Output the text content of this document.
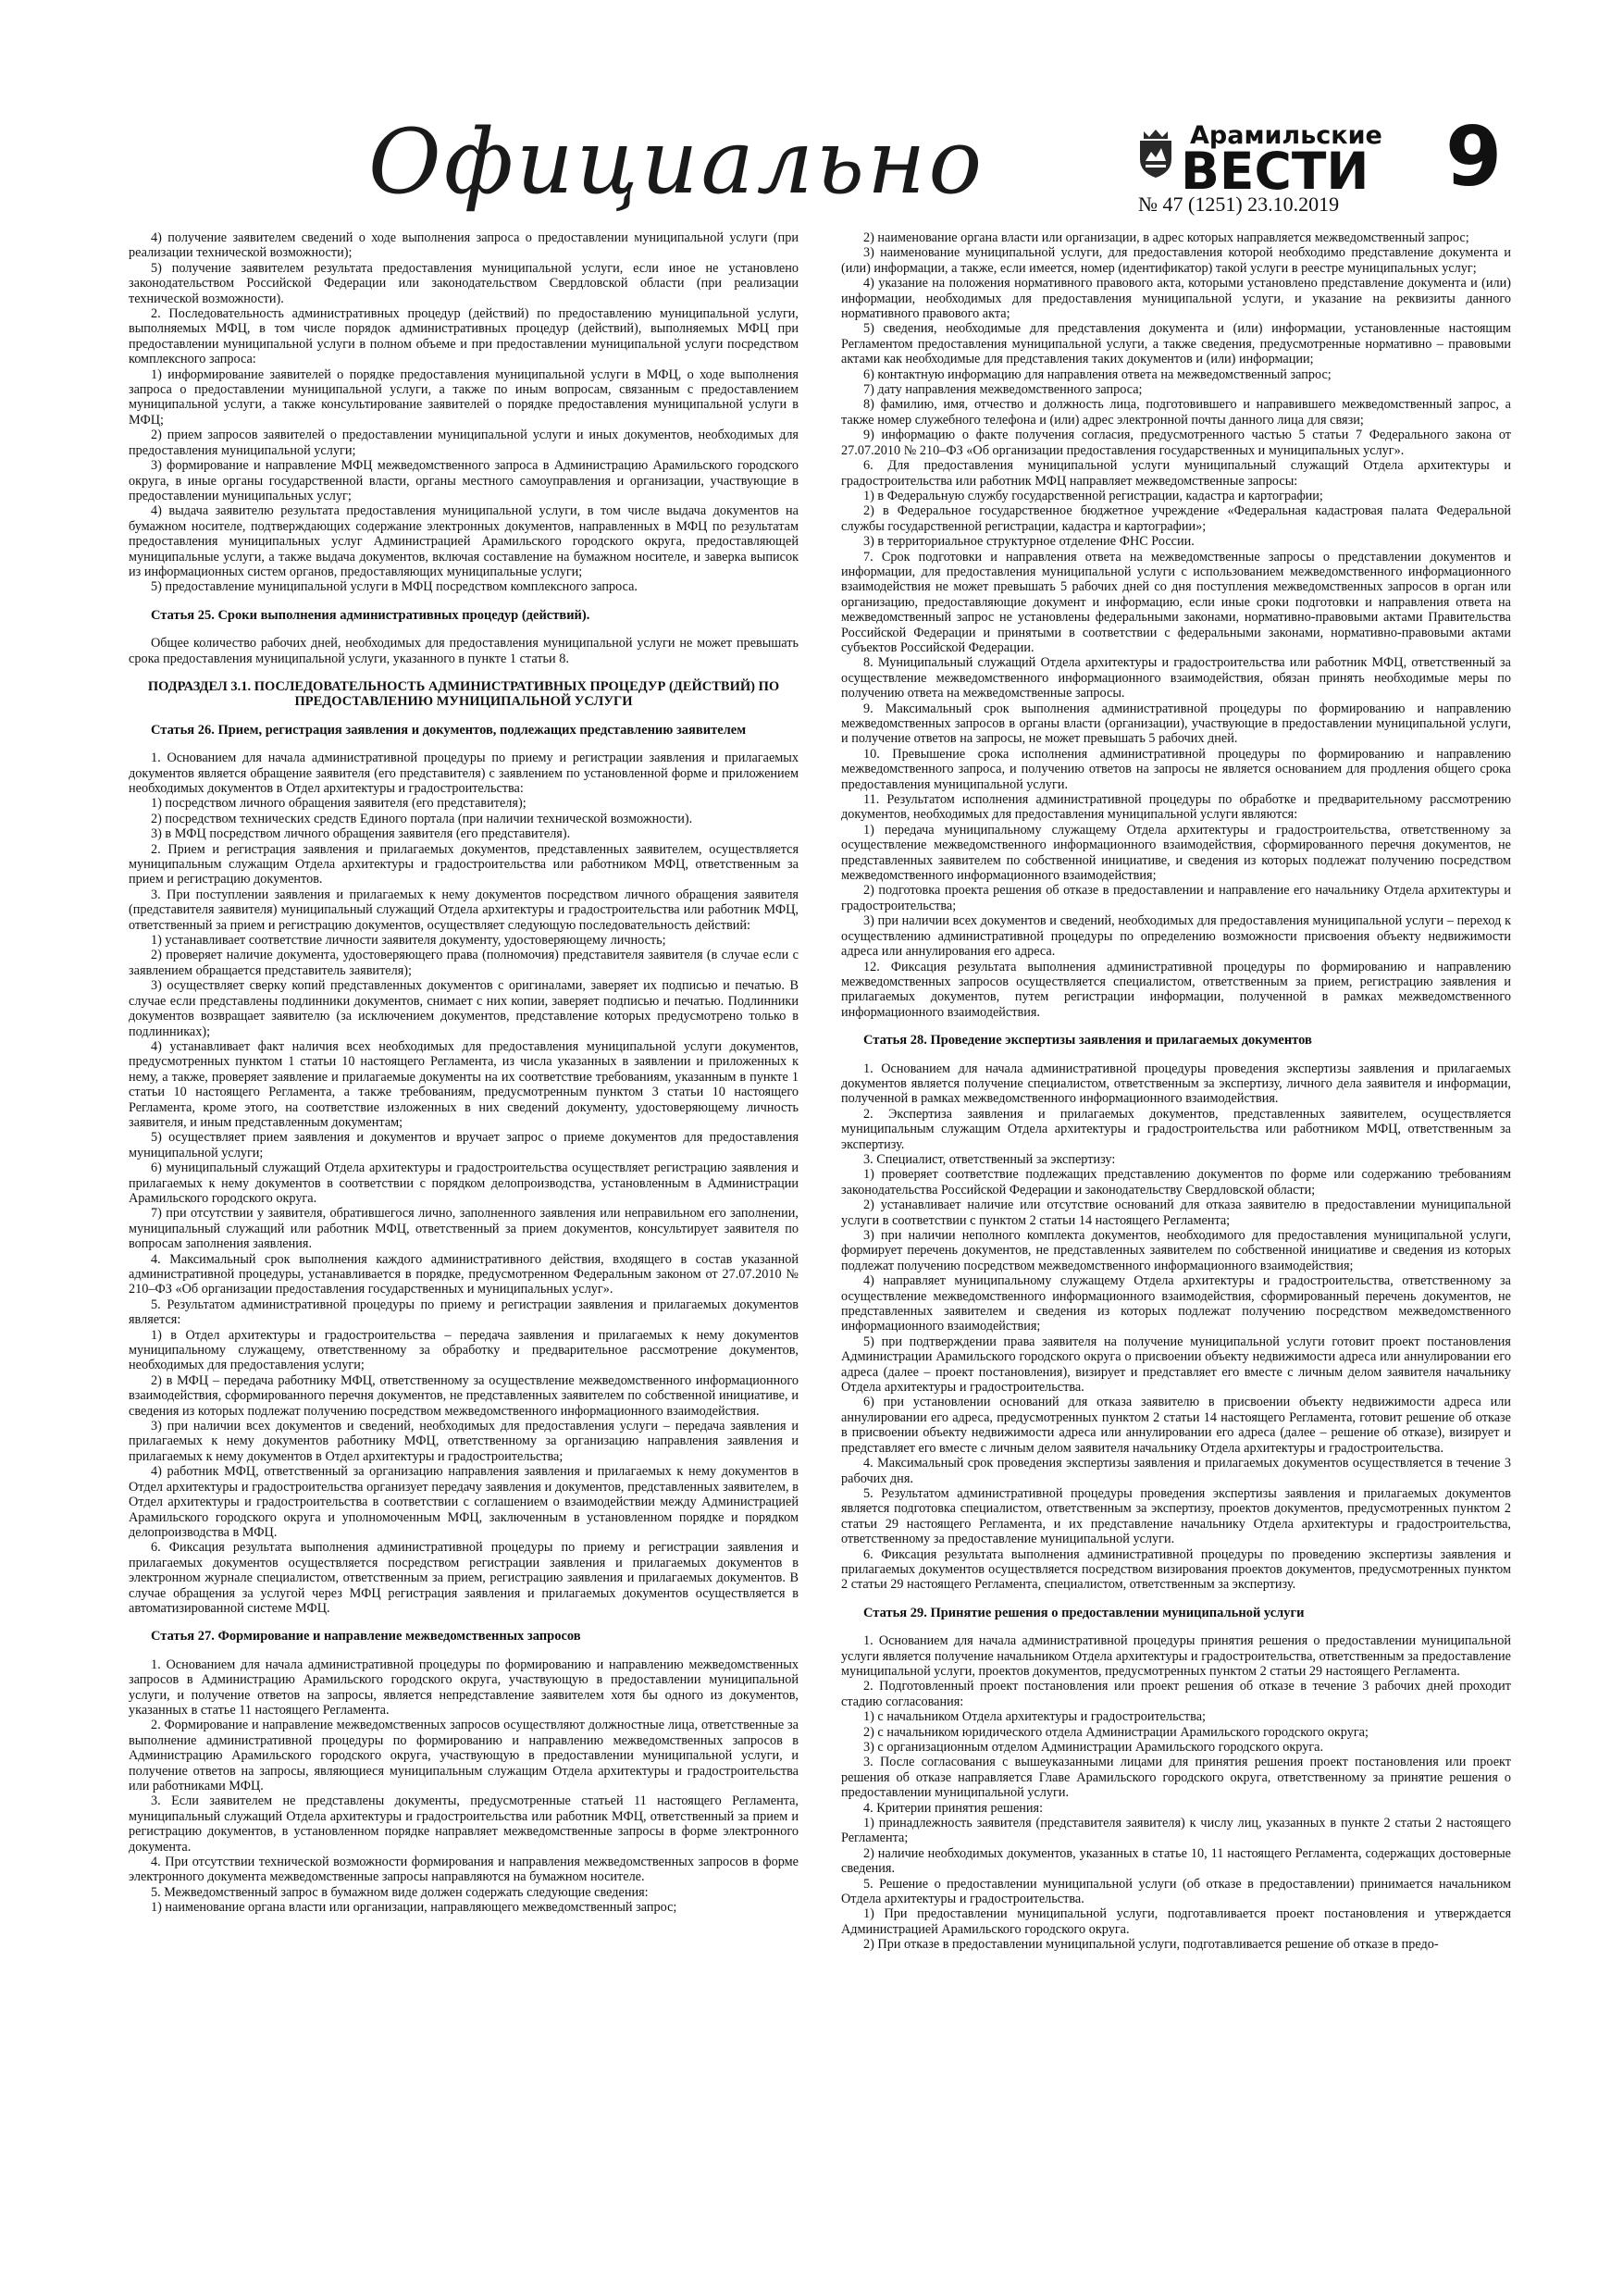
Официально	Арамильские
ВЕСТИ
№ 47 (1251) 23.10.2019 9

4) получение заявителем сведений о ходе выполнения запроса о предоставлении муниципальной услуги (при реализации технической возможности);

5) получение заявителем результата предоставления муниципальной услуги, если иное не установлено законодательством Российской Федерации или законодательством Свердловской области (при реализации технической возможности).

2. Последовательность административных процедур (действий) по предоставлению муниципальной услуги, выполняемых МФЦ, в том числе порядок административных процедур (действий), выполняемых МФЦ при предоставлении муниципальной услуги в полном объеме и при предоставлении муниципальной услуги посредством комплексного запроса:

1) информирование заявителей о порядке предоставления муниципальной услуги в МФЦ, о ходе выполнения запроса о предоставлении муниципальной услуги, а также по иным вопросам, связанным с предоставлением муниципальной услуги, а также консультирование заявителей о порядке предоставления муниципальной услуги в МФЦ;

2) прием запросов заявителей о предоставлении муниципальной услуги и иных документов, необходимых для предоставления муниципальной услуги;

3) формирование и направление МФЦ межведомственного запроса в Администрацию Арамильского городского округа, в иные органы государственной власти, органы местного самоуправления и организации, участвующие в предоставлении муниципальных услуг;

4) выдача заявителю результата предоставления муниципальной услуги, в том числе выдача документов на бумажном носителе, подтверждающих содержание электронных документов, направленных в МФЦ по результатам предоставления муниципальных услуг Администрацией Арамильского городского округа, предоставляющей муниципальные услуги, а также выдача документов, включая составление на бумажном носителе, и заверка выписок из информационных систем органов, предоставляющих муниципальные услуги;

5) предоставление муниципальной услуги в МФЦ посредством комплексного запроса.

Статья 25. Сроки выполнения административных процедур (действий).

Общее количество рабочих дней, необходимых для предоставления муниципальной услуги не может превышать срока предоставления муниципальной услуги, указанного в пункте 1 статьи 8.

ПОДРАЗДЕЛ 3.1. ПОСЛЕДОВАТЕЛЬНОСТЬ АДМИНИСТРАТИВНЫХ ПРОЦЕДУР (ДЕЙСТВИЙ) ПО ПРЕДОСТАВЛЕНИЮ МУНИЦИПАЛЬНОЙ УСЛУГИ
Статья 26. Прием, регистрация заявления и документов, подлежащих представлению заявителем

1. Основанием для начала административной процедуры по приему и регистрации заявления и прилагаемых документов является обращение заявителя (его представителя) с заявлением по установленной форме и приложением необходимых документов в Отдел архитектуры и градостроительства:

1) посредством личного обращения заявителя (его представителя);

2) посредством технических средств Единого портала (при наличии технической возможности).

3) в МФЦ посредством личного обращения заявителя (его представителя).

2. Прием и регистрация заявления и прилагаемых документов, представленных заявителем, осуществляется муниципальным служащим Отдела архитектуры и градостроительства или работником МФЦ, ответственным за прием и регистрацию документов.

3. При поступлении заявления и прилагаемых к нему документов посредством личного обращения заявителя (представителя заявителя) муниципальный служащий Отдела архитектуры и градостроительства или работник МФЦ, ответственный за прием и регистрацию документов, осуществляет следующую последовательность действий:

1) устанавливает соответствие личности заявителя документу, удостоверяющему личность;

2) проверяет наличие документа, удостоверяющего права (полномочия) представителя заявителя (в случае если с заявлением обращается представитель заявителя);

3) осуществляет сверку копий представленных документов с оригиналами, заверяет их подписью и печатью. В случае если представлены подлинники документов, снимает с них копии, заверяет подписью и печатью. Подлинники документов возвращает заявителю (за исключением документов, представление которых предусмотрено только в подлинниках);

4) устанавливает факт наличия всех необходимых для предоставления муниципальной услуги документов, предусмотренных пунктом 1 статьи 10 настоящего Регламента, из числа указанных в заявлении и приложенных к нему, а также, проверяет заявление и прилагаемые документы на их соответствие требованиям, указанным в пункте 1 статьи 10 настоящего Регламента, а также требованиям, предусмотренным пунктом 3 статьи 10 настоящего Регламента, кроме этого, на соответствие изложенных в них сведений документу, удостоверяющему личность заявителя, и иным представленным документам;

5) осуществляет прием заявления и документов и вручает запрос о приеме документов для предоставления муниципальной услуги;

6) муниципальный служащий Отдела архитектуры и градостроительства осуществляет регистрацию заявления и прилагаемых к нему документов в соответствии с порядком делопроизводства, установленным в Администрации Арамильского городского округа.

7) при отсутствии у заявителя, обратившегося лично, заполненного заявления или неправильном его заполнении, муниципальный служащий или работник МФЦ, ответственный за прием документов, консультирует заявителя по вопросам заполнения заявления.

4. Максимальный срок выполнения каждого административного действия, входящего в состав указанной административной процедуры, устанавливается в порядке, предусмотренном Федеральным законом от 27.07.2010 № 210–ФЗ «Об организации предоставления государственных и муниципальных услуг».

5. Результатом административной процедуры по приему и регистрации заявления и прилагаемых документов является:

1) в Отдел архитектуры и градостроительства – передача заявления и прилагаемых к нему документов муниципальному служащему, ответственному за обработку и предварительное рассмотрение документов, необходимых для предоставления услуги;

2) в МФЦ – передача работнику МФЦ, ответственному за осуществление межведомственного информационного взаимодействия, сформированного перечня документов, не представленных заявителем по собственной инициативе, и сведения из которых подлежат получению посредством межведомственного информационного взаимодействия.

3) при наличии всех документов и сведений, необходимых для предоставления услуги – передача заявления и прилагаемых к нему документов работнику МФЦ, ответственному за организацию направления заявления и прилагаемых к нему документов в Отдел архитектуры и градостроительства;

4) работник МФЦ, ответственный за организацию направления заявления и прилагаемых к нему документов в Отдел архитектуры и градостроительства организует передачу заявления и документов, представленных заявителем, в Отдел архитектуры и градостроительства в соответствии с соглашением о взаимодействии между Администрацией Арамильского городского округа и уполномоченным МФЦ, заключенным в установленном порядке и порядком делопроизводства в МФЦ.

6. Фиксация результата выполнения административной процедуры по приему и регистрации заявления и прилагаемых документов осуществляется посредством регистрации заявления и прилагаемых документов в электронном журнале специалистом, ответственным за прием, регистрацию заявления и прилагаемых документов. В случае обращения за услугой через МФЦ регистрация заявления и прилагаемых документов осуществляется в автоматизированной системе МФЦ.

Статья 27. Формирование и направление межведомственных запросов

1. Основанием для начала административной процедуры по формированию и направлению межведомственных запросов в Администрацию Арамильского городского округа, участвующую в предоставлении муниципальной услуги, и получение ответов на запросы, является непредставление заявителем хотя бы одного из документов, указанных в статье 11 настоящего Регламента.

2. Формирование и направление межведомственных запросов осуществляют должностные лица, ответственные за выполнение административной процедуры по формированию и направлению межведомственных запросов в Администрацию Арамильского городского округа, участвующую в предоставлении муниципальной услуги, и получение ответов на запросы, являющиеся муниципальным служащим Отдела архитектуры и градостроительства или работниками МФЦ.

3. Если заявителем не представлены документы, предусмотренные статьей 11 настоящего Регламента, муниципальный служащий Отдела архитектуры и градостроительства или работник МФЦ, ответственный за прием и регистрацию документов, в установленном порядке направляет межведомственные запросы в форме электронного документа.

4. При отсутствии технической возможности формирования и направления межведомственных запросов в форме электронного документа межведомственные запросы направляются на бумажном носителе.

5. Межведомственный запрос в бумажном виде должен содержать следующие сведения:

1) наименование органа власти или организации, направляющего межведомственный запрос;

2) наименование органа власти или организации, в адрес которых направляется межведомственный запрос;

3) наименование муниципальной услуги, для предоставления которой необходимо представление документа и (или) информации, а также, если имеется, номер (идентификатор) такой услуги в реестре муниципальных услуг;

4) указание на положения нормативного правового акта, которыми установлено представление документа и (или) информации, необходимых для предоставления муниципальной услуги, и указание на реквизиты данного нормативного правового акта;

5) сведения, необходимые для представления документа и (или) информации, установленные настоящим Регламентом предоставления муниципальной услуги, а также сведения, предусмотренные нормативно – правовыми актами как необходимые для представления таких документов и (или) информации;

6) контактную информацию для направления ответа на межведомственный запрос;

7) дату направления межведомственного запроса;

8) фамилию, имя, отчество и должность лица, подготовившего и направившего межведомственный запрос, а также номер служебного телефона и (или) адрес электронной почты данного лица для связи;

9) информацию о факте получения согласия, предусмотренного частью 5 статьи 7 Федерального закона от 27.07.2010 № 210–ФЗ «Об организации предоставления государственных и муниципальных услуг».

6. Для предоставления муниципальной услуги муниципальный служащий Отдела архитектуры и градостроительства или работник МФЦ направляет межведомственные запросы:

1) в Федеральную службу государственной регистрации, кадастра и картографии;

2) в Федеральное государственное бюджетное учреждение «Федеральная кадастровая палата Федеральной службы государственной регистрации, кадастра и картографии»;

3) в территориальное структурное отделение ФНС России.

7. Срок подготовки и направления ответа на межведомственные запросы о представлении документов и информации, для предоставления муниципальной услуги с использованием межведомственного информационного взаимодействия не может превышать 5 рабочих дней со дня поступления межведомственных запросов в орган или организацию, предоставляющие документ и информацию, если иные сроки подготовки и направления ответа на межведомственный запрос не установлены федеральными законами, нормативно-правовыми актами Правительства Российской Федерации и принятыми в соответствии с федеральными законами, нормативно-правовыми актами субъектов Российской Федерации.

8. Муниципальный служащий Отдела архитектуры и градостроительства или работник МФЦ, ответственный за осуществление межведомственного информационного взаимодействия, обязан принять необходимые меры по получению ответа на межведомственные запросы.

9. Максимальный срок выполнения административной процедуры по формированию и направлению межведомственных запросов в органы власти (организации), участвующие в предоставлении муниципальной услуги, и получение ответов на запросы, не может превышать 5 рабочих дней.

10. Превышение срока исполнения административной процедуры по формированию и направлению межведомственного запроса, и получению ответов на запросы не является основанием для продления общего срока предоставления муниципальной услуги.

11. Результатом исполнения административной процедуры по обработке и предварительному рассмотрению документов, необходимых для предоставления муниципальной услуги являются:

1) передача муниципальному служащему Отдела архитектуры и градостроительства, ответственному за осуществление межведомственного информационного взаимодействия, сформированного перечня документов, не представленных заявителем по собственной инициативе, и сведения из которых подлежат получению посредством межведомственного информационного взаимодействия;

2) подготовка проекта решения об отказе в предоставлении и направление его начальнику Отдела архитектуры и градостроительства;

3) при наличии всех документов и сведений, необходимых для предоставления муниципальной услуги – переход к осуществлению административной процедуры по определению возможности присвоения объекту недвижимости адреса или аннулирования его адреса.

12. Фиксация результата выполнения административной процедуры по формированию и направлению межведомственных запросов осуществляется специалистом, ответственным за прием, регистрацию заявления и прилагаемых документов, путем регистрации информации, полученной в рамках межведомственного информационного взаимодействия.

Статья 28. Проведение экспертизы заявления и прилагаемых документов

1. Основанием для начала административной процедуры проведения экспертизы заявления и прилагаемых документов является получение специалистом, ответственным за экспертизу, личного дела заявителя и информации, полученной в рамках межведомственного информационного взаимодействия.

2. Экспертиза заявления и прилагаемых документов, представленных заявителем, осуществляется муниципальным служащим Отдела архитектуры и градостроительства или работником МФЦ, ответственным за экспертизу.

3. Специалист, ответственный за экспертизу:

1) проверяет соответствие подлежащих представлению документов по форме или содержанию требованиям законодательства Российской Федерации и законодательству Свердловской области;

2) устанавливает наличие или отсутствие оснований для отказа заявителю в предоставлении муниципальной услуги в соответствии с пунктом 2 статьи 14 настоящего Регламента;

3) при наличии неполного комплекта документов, необходимого для предоставления муниципальной услуги, формирует перечень документов, не представленных заявителем по собственной инициативе и сведения из которых подлежат получению посредством межведомственного информационного взаимодействия;

4) направляет муниципальному служащему Отдела архитектуры и градостроительства, ответственному за осуществление межведомственного информационного взаимодействия, сформированный перечень документов, не представленных заявителем и сведения из которых подлежат получению посредством межведомственного информационного взаимодействия;

5) при подтверждении права заявителя на получение муниципальной услуги готовит проект постановления Администрации Арамильского городского округа о присвоении объекту недвижимости адреса или аннулировании его адреса (далее – проект постановления), визирует и представляет его вместе с личным делом заявителя начальнику Отдела архитектуры и градостроительства.

6) при установлении оснований для отказа заявителю в присвоении объекту недвижимости адреса или аннулировании его адреса, предусмотренных пунктом 2 статьи 14 настоящего Регламента, готовит решение об отказе в присвоении объекту недвижимости адреса или аннулировании его адреса (далее – решение об отказе), визирует и представляет его вместе с личным делом заявителя начальнику Отдела архитектуры и градостроительства.

4. Максимальный срок проведения экспертизы заявления и прилагаемых документов осуществляется в течение 3 рабочих дня.

5. Результатом административной процедуры проведения экспертизы заявления и прилагаемых документов является подготовка специалистом, ответственным за экспертизу, проектов документов, предусмотренных пунктом 2 статьи 29 настоящего Регламента, и их представление начальнику Отдела архитектуры и градостроительства, ответственному за предоставление муниципальной услуги.

6. Фиксация результата выполнения административной процедуры по проведению экспертизы заявления и прилагаемых документов осуществляется посредством визирования проектов документов, предусмотренных пунктом 2 статьи 29 настоящего Регламента, специалистом, ответственным за экспертизу.

Статья 29. Принятие решения о предоставлении муниципальной услуги

1. Основанием для начала административной процедуры принятия решения о предоставлении муниципальной услуги является получение начальником Отдела архитектуры и градостроительства, ответственным за предоставление муниципальной услуги, проектов документов, предусмотренных пунктом 2 статьи 29 настоящего Регламента.

2. Подготовленный проект постановления или проект решения об отказе в течение 3 рабочих дней проходит стадию согласования:

1) с начальником Отдела архитектуры и градостроительства;

2) с начальником юридического отдела Администрации Арамильского городского округа;

3) с организационным отделом Администрации Арамильского городского округа.

3. После согласования с вышеуказанными лицами для принятия решения проект постановления или проект решения об отказе направляется Главе Арамильского городского округа, ответственному за принятие решения о предоставлении муниципальной услуги.

4. Критерии принятия решения:

1) принадлежность заявителя (представителя заявителя) к числу лиц, указанных в пункте 2 статьи 2 настоящего Регламента;

2) наличие необходимых документов, указанных в статье 10, 11 настоящего Регламента, содержащих достоверные сведения.

5. Решение о предоставлении муниципальной услуги (об отказе в предоставлении) принимается начальником Отдела архитектуры и градостроительства.

1) При предоставлении муниципальной услуги, подготавливается проект постановления и утверждается Администрацией Арамильского городского округа.

2) При отказе в предоставлении муниципальной услуги, подготавливается решение об отказе в предо-
